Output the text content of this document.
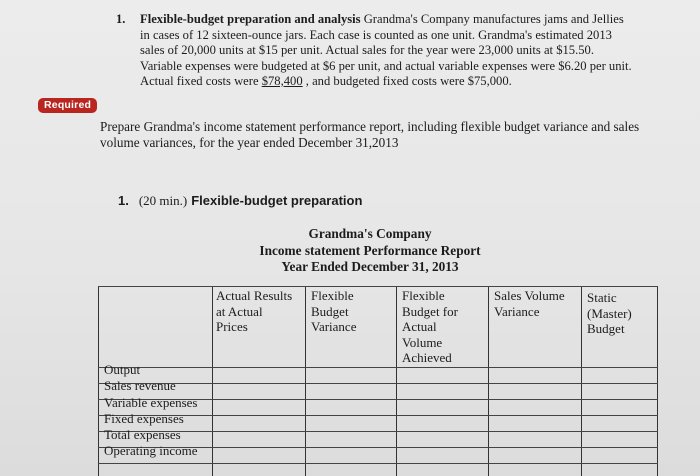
1. Flexible-budget preparation and analysis Grandma's Company manufactures jams and Jellies in cases of 12 sixteen-ounce jars. Each case is counted as one unit. Grandma's estimated 2013 sales of 20,000 units at $15 per unit. Actual sales for the year were 23,000 units at $15.50. Variable expenses were budgeted at $6 per unit, and actual variable expenses were $6.20 per unit. Actual fixed costs were $78,400 , and budgeted fixed costs were $75,000.
Required
Prepare Grandma's income statement performance report, including flexible budget variance and sales volume variances, for the year ended December 31,2013
1. (20 min.) Flexible-budget preparation
Grandma's Company
Income statement Performance Report
Year Ended December 31, 2013
Actual Results
at Actual
Prices
Flexible
Budget
Variance
Flexible
Budget for
Actual
Volume
Achieved
Sales Volume
Variance
Static
(Master)
Budget
Output
Sales revenue
Variable expenses
Fixed expenses
Total expenses
Operating income
